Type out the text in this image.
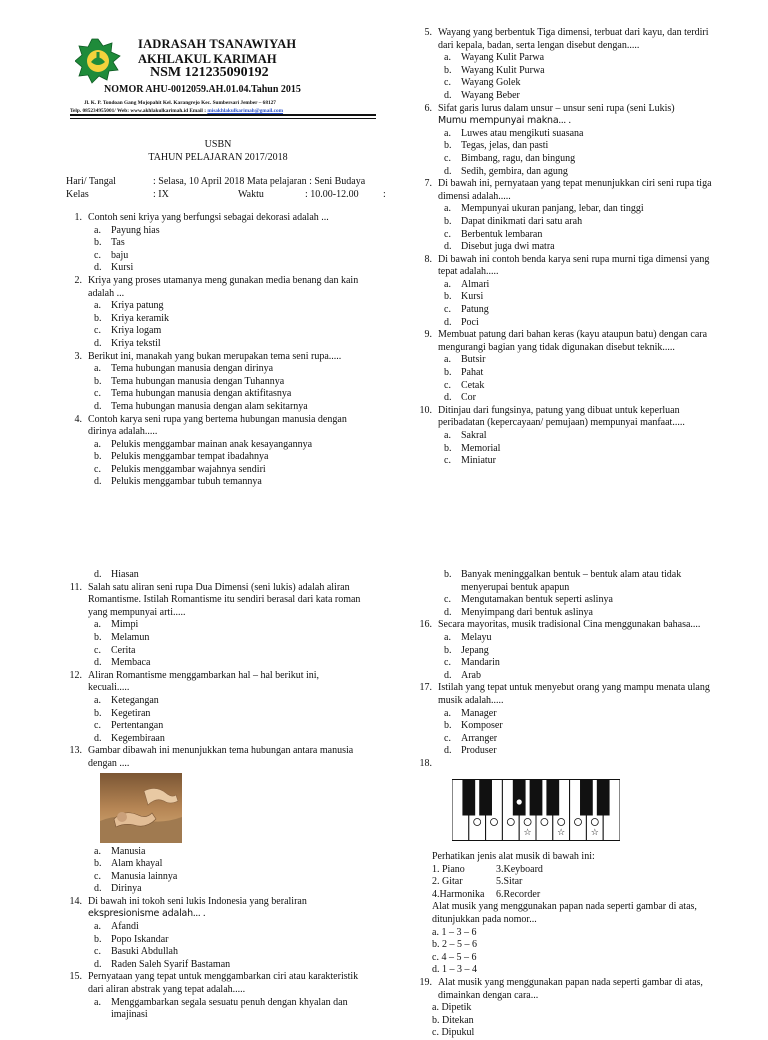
IADRASAH TSANAWIYAH
AKHLAKUL KARIMAH
NSM 121235090192
NOMOR AHU-0012059.AH.01.04.Tahun 2015
Jl. K. P. Tondoan Gang Mojopahit Kel. Karangrejo Kec. Sumbersari Jember – 68127
Telp. 085234955001/ Web: www.akhlakulkarimah.id Email : misakhlakulkarimah@gmail.com
USBN
TAHUN PELAJARAN 2017/2018
Hari/ Tangal	: Selasa, 10 April 2018 Mata pelajaran : Seni Budaya
Kelas	: IX	Waktu	: 10.00-12.00 :
1. Contoh seni kriya yang berfungsi sebagai dekorasi adalah ...
a.	Payung hias
b. Tas
c.	baju
d. Kursi
2. Kriya yang proses utamanya meng gunakan media benang dan kain adalah ...
a.	Kriya patung
b. Kriya keramik
c.	Kriya logam
d. Kriya tekstil
3. Berikut ini, manakah yang bukan merupakan tema seni rupa.....
a.	Tema hubungan manusia dengan dirinya
b. Tema hubungan manusia dengan Tuhannya
c.	Tema hubungan manusia dengan aktifitasnya
d. Tema hubungan manusia dengan alam sekitarnya
4. Contoh karya seni rupa yang bertema hubungan manusia dengan dirinya adalah.....
a.	Pelukis menggambar mainan anak kesayangannya
b. Pelukis menggambar tempat ibadahnya
c.	Pelukis menggambar wajahnya sendiri
d. Pelukis menggambar tubuh temannya
5. Wayang yang berbentuk Tiga dimensi, terbuat dari kayu, dan terdiri dari kepala, badan, serta lengan disebut dengan.....
a.	Wayang Kulit Parwa
b. Wayang Kulit Purwa
c.	Wayang Golek
d. Wayang Beber
6. Sifat garis lurus dalam unsur – unsur seni rupa (seni Lukis)
Mumu mempunyai makna... .
a.	Luwes atau mengikuti suasana
b. Tegas, jelas, dan pasti
c.	Bimbang, ragu, dan bingung
d. Sedih, gembira, dan agung
7. Di bawah ini, pernyataan yang tepat menunjukkan ciri seni rupa tiga dimensi adalah.....
a.	Mempunyai ukuran panjang, lebar, dan tinggi
b. Dapat dinikmati dari satu arah
c.	Berbentuk lembaran
d. Disebut juga dwi matra
8. Di bawah ini contoh benda karya seni rupa murni tiga dimensi yang tepat adalah.....
a.	Almari
b. Kursi
c.	Patung
d. Poci
9. Membuat patung dari bahan keras (kayu ataupun batu) dengan cara mengurangi bagian yang tidak digunakan disebut teknik.....
a.	Butsir
b. Pahat
c.	Cetak
d. Cor
10. Ditinjau dari fungsinya, patung yang dibuat untuk keperluan peribadatan (kepercayaan/ pemujaan) mempunyai manfaat.....
a.	Sakral
b. Memorial
c.	Miniatur
d. Hiasan
11. Salah satu aliran seni rupa Dua Dimensi (seni lukis) adalah aliran Romantisme. Istilah Romantisme itu sendiri berasal dari kata roman yang mempunyai arti.....
a.	Mimpi
b. Melamun
c.	Cerita
d. Membaca
12. Aliran Romantisme menggambarkan hal – hal berikut ini, kecuali.....
a.	Ketegangan
b. Kegetiran
c.	Pertentangan
d. Kegembiraan
13. Gambar dibawah ini menunjukkan tema hubungan antara manusia dengan ....
a.	Manusia
b. Alam khayal
c.	Manusia lainnya
d. Dirinya
14. Di bawah ini tokoh seni lukis Indonesia yang beraliran
ekspresionisme adalah... .
a.	Afandi
b. Popo Iskandar
c.	Basuki Abdullah
d. Raden Saleh Syarif Bastaman
15. Pernyataan yang tepat untuk menggambarkan ciri atau karakteristik dari aliran abstrak yang tepat adalah.....
a.	Menggambarkan segala sesuatu penuh dengan khyalan dan imajinasi
b. Banyak meninggalkan bentuk – bentuk alam atau tidak menyerupai bentuk apapun
c.	Mengutamakan bentuk seperti aslinya
d. Menyimpang dari bentuk aslinya
16. Secara mayoritas, musik tradisional Cina menggunakan bahasa....
a.	Melayu
b. Jepang
c.	Mandarin
d. Arab
17. Istilah yang tepat untuk menyebut orang yang mampu menata ulang musik adalah.....
a.	Manager
b. Komposer
c.	Arranger
d. Produser
18.
☆	☆	☆
Perhatikan jenis alat musik di bawah ini:
1. Piano	3.Keyboard
2. Gitar	5.Sitar
4.Harmonika	6.Recorder
Alat musik yang menggunakan papan nada seperti gambar di atas, ditunjukkan pada nomor...
a. 1 – 3 – 6
b. 2 – 5 – 6
c. 4 – 5 – 6
d. 1 – 3 – 4
19. Alat musik yang menggunakan papan nada seperti gambar di atas, dimainkan dengan cara...
a. Dipetik
b. Ditekan
c. Dipukul
